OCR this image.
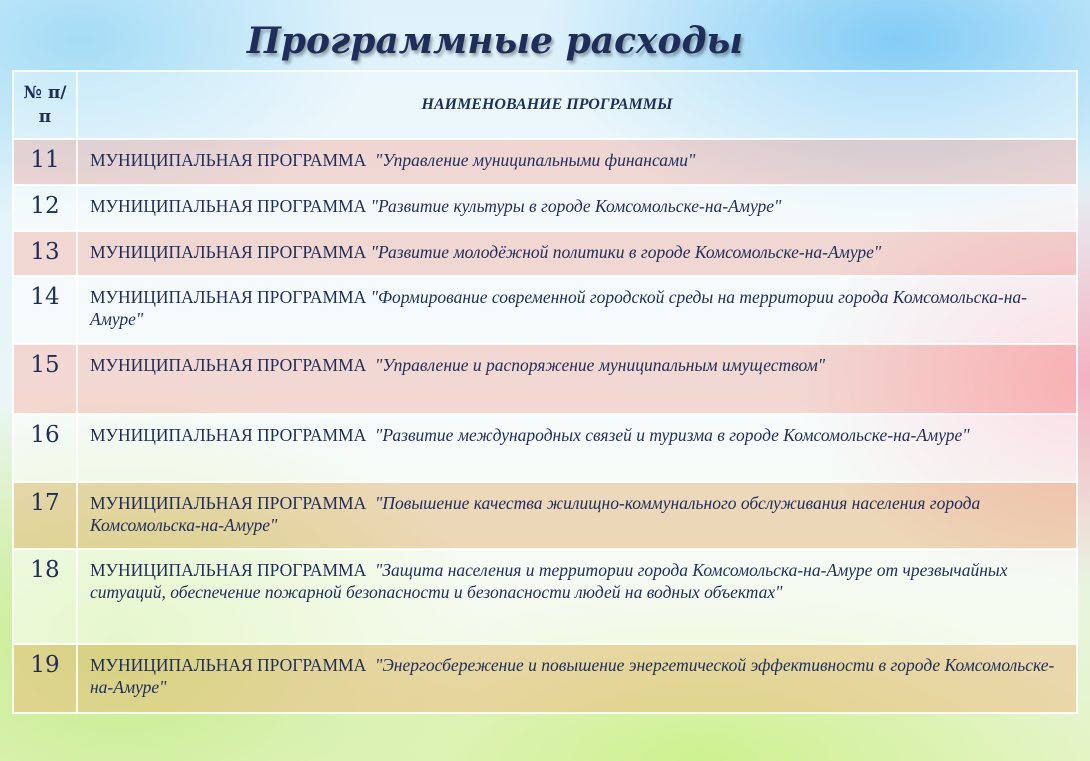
Программные расходы
№ п/п	НАИМЕНОВАНИЕ ПРОГРАММЫ
11	МУНИЦИПАЛЬНАЯ ПРОГРАММА  "Управление муниципальными финансами"
12	МУНИЦИПАЛЬНАЯ ПРОГРАММА "Развитие культуры в городе Комсомольске-на-Амуре"
13	МУНИЦИПАЛЬНАЯ ПРОГРАММА "Развитие молодёжной политики в городе Комсомольске-на-Амуре"
14	МУНИЦИПАЛЬНАЯ ПРОГРАММА "Формирование современной городской среды на территории города Комсомольска-на-Амуре"
15	МУНИЦИПАЛЬНАЯ ПРОГРАММА  "Управление и распоряжение муниципальным имуществом"
16	МУНИЦИПАЛЬНАЯ ПРОГРАММА  "Развитие международных связей и туризма в городе Комсомольске-на-Амуре"
17	МУНИЦИПАЛЬНАЯ ПРОГРАММА  "Повышение качества жилищно-коммунального обслуживания населения города Комсомольска-на-Амуре"
18	МУНИЦИПАЛЬНАЯ ПРОГРАММА  "Защита населения и территории города Комсомольска-на-Амуре от чрезвычайных ситуаций, обеспечение пожарной безопасности и безопасности людей на водных объектах"
19	МУНИЦИПАЛЬНАЯ ПРОГРАММА  "Энергосбережение и повышение энергетической эффективности в городе Комсомольске-на-Амуре"
